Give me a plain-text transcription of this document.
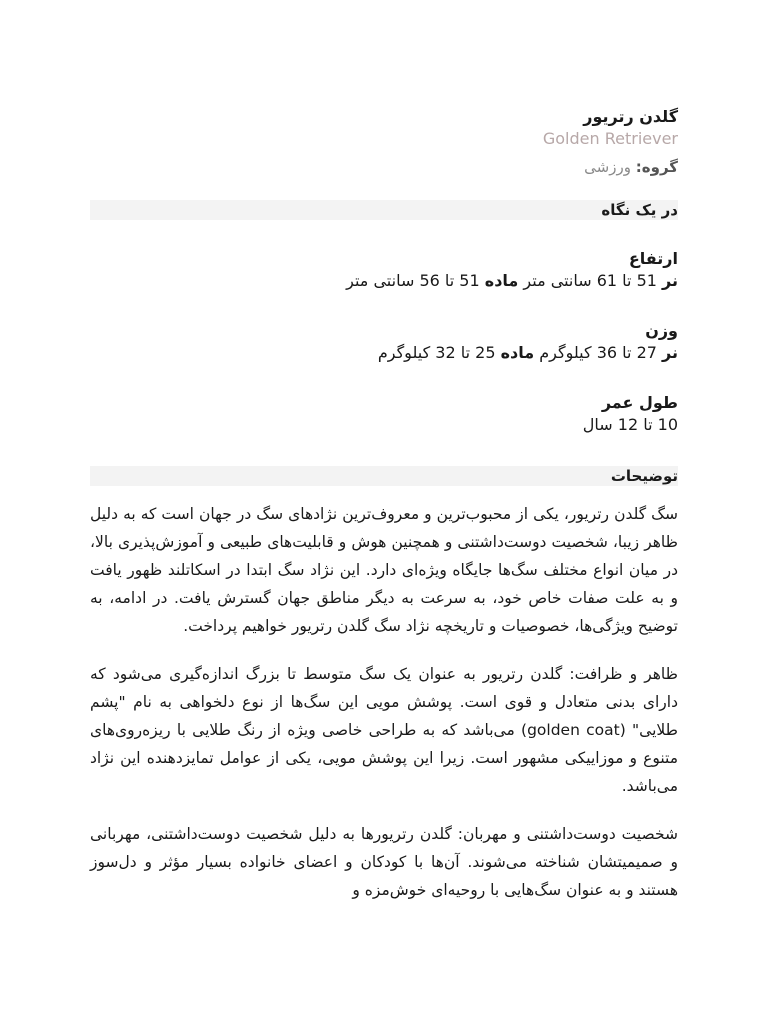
گلدن رتریور
Golden Retriever
گروه: ورزشی
در یک نگاه
ارتفاع
نر 51 تا 61 سانتی متر ماده 51 تا 56 سانتی متر
وزن
نر 27 تا 36 کیلوگرم ماده 25 تا 32 کیلوگرم
طول عمر
10 تا 12 سال
توضیحات

سگ گلدن رتریور، یکی از محبوب‌ترین و معروف‌ترین نژادهای سگ در جهان است که به دلیل ظاهر زیبا، شخصیت دوست‌داشتنی و همچنین هوش و قابلیت‌های طبیعی و آموزش‌پذیری بالا، در میان انواع مختلف سگ‌ها جایگاه ویژه‌ای دارد. این نژاد سگ ابتدا در اسکاتلند ظهور یافت و به علت صفات خاص خود، به سرعت به دیگر مناطق جهان گسترش یافت. در ادامه، به توضیح ویژگی‌ها، خصوصیات و تاریخچه نژاد سگ گلدن رتریور خواهیم پرداخت.

ظاهر و ظرافت: گلدن رتریور به عنوان یک سگ متوسط تا بزرگ اندازه‌گیری می‌شود که دارای بدنی متعادل و قوی است. پوشش مویی این سگ‌ها از نوع دلخواهی به نام "پشم طلایی" (golden coat) می‌باشد که به طراحی خاصی ویژه از رنگ طلایی با ریزه‌روی‌های متنوع و موزاییکی مشهور است. زیرا این پوشش مویی، یکی از عوامل تمایزدهنده این نژاد می‌باشد.

شخصیت دوست‌داشتنی و مهربان: گلدن رتریورها به دلیل شخصیت دوست‌داشتنی، مهربانی و صمیمیتشان شناخته می‌شوند. آن‌ها با کودکان و اعضای خانواده بسیار مؤثر و دل‌سوز هستند و به عنوان سگ‌هایی با روحیه‌ای خوش‌مزه و
